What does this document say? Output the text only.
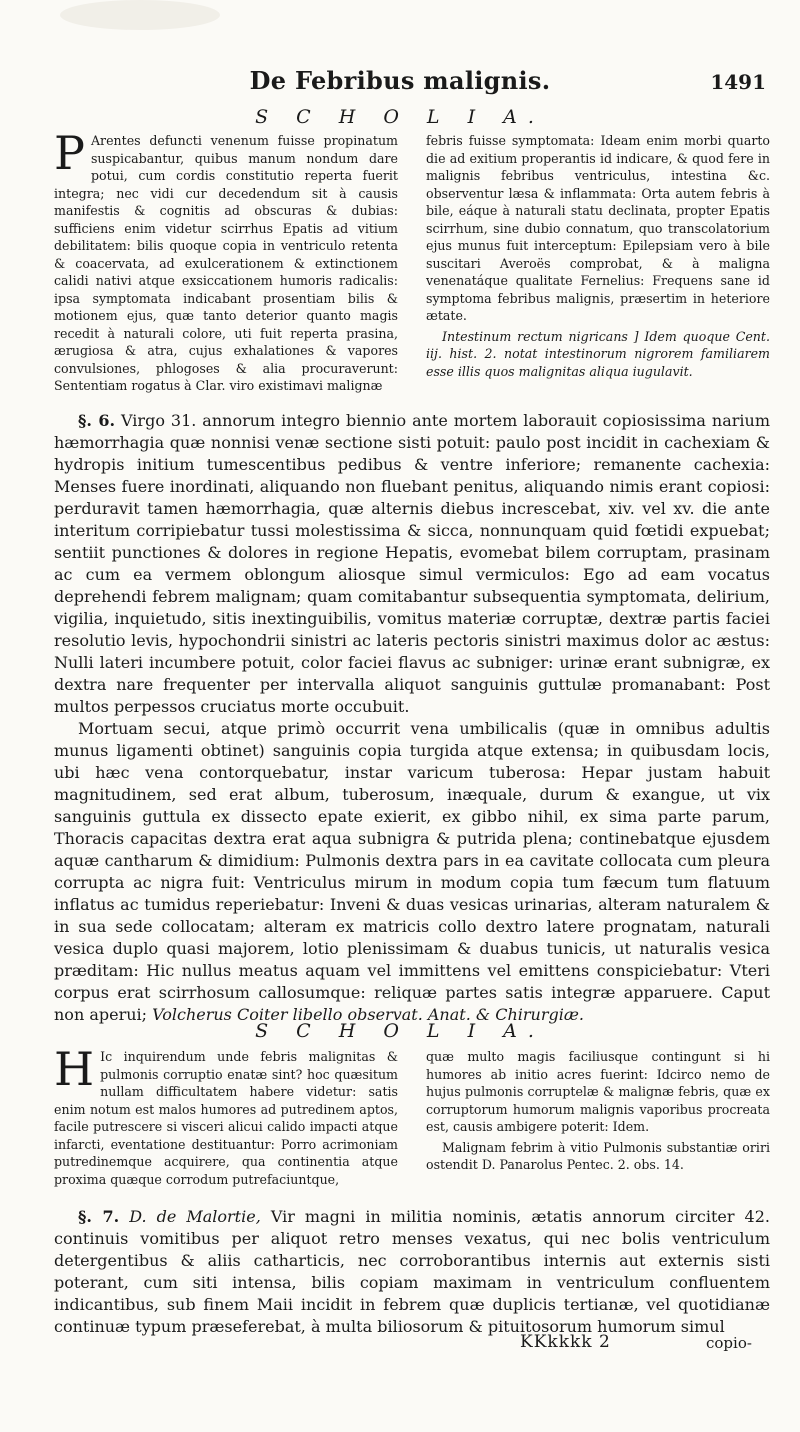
De Febribus malignis.	1491
S C H O L I A.

P Arentes defuncti venenum fuisse propinatum suspicabantur, quibus manum nondum dare potui, cum cordis constitutio reperta fuerit integra; nec vidi cur decedendum sit à causis manifestis & cognitis ad obscuras & dubias: sufficiens enim videtur scirrhus Epatis ad vitium debilitatem: bilis quoque copia in ventriculo retenta & coacervata, ad exulcerationem & extinctionem calidi nativi atque exsiccationem humoris radicalis: ipsa symptomata indicabant prosentiam bilis & motionem ejus, quæ tanto deterior quanto magis recedit à naturali colore, uti fuit reperta prasina, ærugiosa & atra, cujus exhalationes & vapores convulsiones, phlogoses & alia procuraverunt: Sententiam rogatus à Clar. viro existimavi malignæ

febris fuisse symptomata: Ideam enim morbi quarto die ad exitium properantis id indicare, & quod fere in malignis febribus ventriculus, intestina &c. observentur læsa & inflammata: Orta autem febris à bile, eáque à naturali statu declinata, propter Epatis scirrhum, sine dubio connatum, quo transcolatorium ejus munus fuit interceptum: Epilepsiam vero à bile suscitari Averoës comprobat, & à maligna venenatáque qualitate Fernelius: Frequens sane id symptoma febribus malignis, præsertim in heteriore ætate.

Intestinum rectum nigricans ] Idem quoque Cent. iij. hist. 2. notat intestinorum nigrorem familiarem esse illis quos malignitas aliqua iugulavit.

§. 6. Virgo 31. annorum integro biennio ante mortem laborauit copiosissima narium hæmorrhagia quæ nonnisi venæ sectione sisti potuit: paulo post incidit in cachexiam & hydropis initium tumescentibus pedibus & ventre inferiore; remanente cachexia: Menses fuere inordinati, aliquando non fluebant penitus, aliquando nimis erant copiosi: perduravit tamen hæmorrhagia, quæ alternis diebus increscebat, xiv. vel xv. die ante interitum corripiebatur tussi molestissima & sicca, nonnunquam quid fœtidi expuebat; sentiit punctiones & dolores in regione Hepatis, evomebat bilem corruptam, prasinam ac cum ea vermem oblongum aliosque simul vermiculos: Ego ad eam vocatus deprehendi febrem malignam; quam comitabantur subsequentia symptomata, delirium, vigilia, inquietudo, sitis inextinguibilis, vomitus materiæ corruptæ, dextræ partis faciei resolutio levis, hypochondrii sinistri ac lateris pectoris sinistri maximus dolor ac æstus: Nulli lateri incumbere potuit, color faciei flavus ac subniger: urinæ erant subnigræ, ex dextra nare frequenter per intervalla aliquot sanguinis guttulæ promanabant: Post multos perpessos cruciatus morte occubuit.

Mortuam secui, atque primò occurrit vena umbilicalis (quæ in omnibus adultis munus ligamenti obtinet) sanguinis copia turgida atque extensa; in quibusdam locis, ubi hæc vena contorquebatur, instar varicum tuberosa: Hepar justam habuit magnitudinem, sed erat album, tuberosum, inæquale, durum & exangue, ut vix sanguinis guttula ex dissecto epate exierit, ex gibbo nihil, ex sima parte parum, Thoracis capacitas dextra erat aqua subnigra & putrida plena; continebatque ejusdem aquæ cantharum & dimidium: Pulmonis dextra pars in ea cavitate collocata cum pleura corrupta ac nigra fuit: Ventriculus mirum in modum copia tum fæcum tum flatuum inflatus ac tumidus reperiebatur: Inveni & duas vesicas urinarias, alteram naturalem & in sua sede collocatam; alteram ex matricis collo dextro latere prognatam, naturali vesica duplo quasi majorem, lotio plenissimam & duabus tunicis, ut naturalis vesica præditam: Hic nullus meatus aquam vel immittens vel emittens conspiciebatur: Vteri corpus erat scirrhosum callosumque: reliquæ partes satis integræ apparuere. Caput non aperui; Volcherus Coiter libello observat. Anat. & Chirurgiæ.

S C H O L I A.

H Ic inquirendum unde febris malignitas & pulmonis corruptio enatæ sint? hoc quæsitum nullam difficultatem habere videtur: satis enim notum est malos humores ad putredinem aptos, facile putrescere si visceri alicui calido impacti atque infarcti, eventatione destituantur: Porro acrimoniam putredinemque acquirere, qua continentia atque proxima quæque corrodum putrefaciuntque,

quæ multo magis faciliusque contingunt si hi humores ab initio acres fuerint: Idcirco nemo de hujus pulmonis corruptelæ & malignæ febris, quæ ex corruptorum humorum malignis vaporibus procreata est, causis ambigere poterit: Idem.

Malignam febrim à vitio Pulmonis substantiæ oriri ostendit D. Panarolus Pentec. 2. obs. 14.

§. 7. D. de Malortie, Vir magni in militia nominis, ætatis annorum circiter 42. continuis vomitibus per aliquot retro menses vexatus, qui nec bolis ventriculum detergentibus & aliis catharticis, nec corroborantibus internis aut externis sisti poterant, cum siti intensa, bilis copiam maximam in ventriculum confluentem indicantibus, sub finem Maii incidit in febrem quæ duplicis tertianæ, vel quotidianæ continuæ typum præseferebat, à multa biliosorum & pituitosorum humorum simul

KKkkkk 2	copio-
